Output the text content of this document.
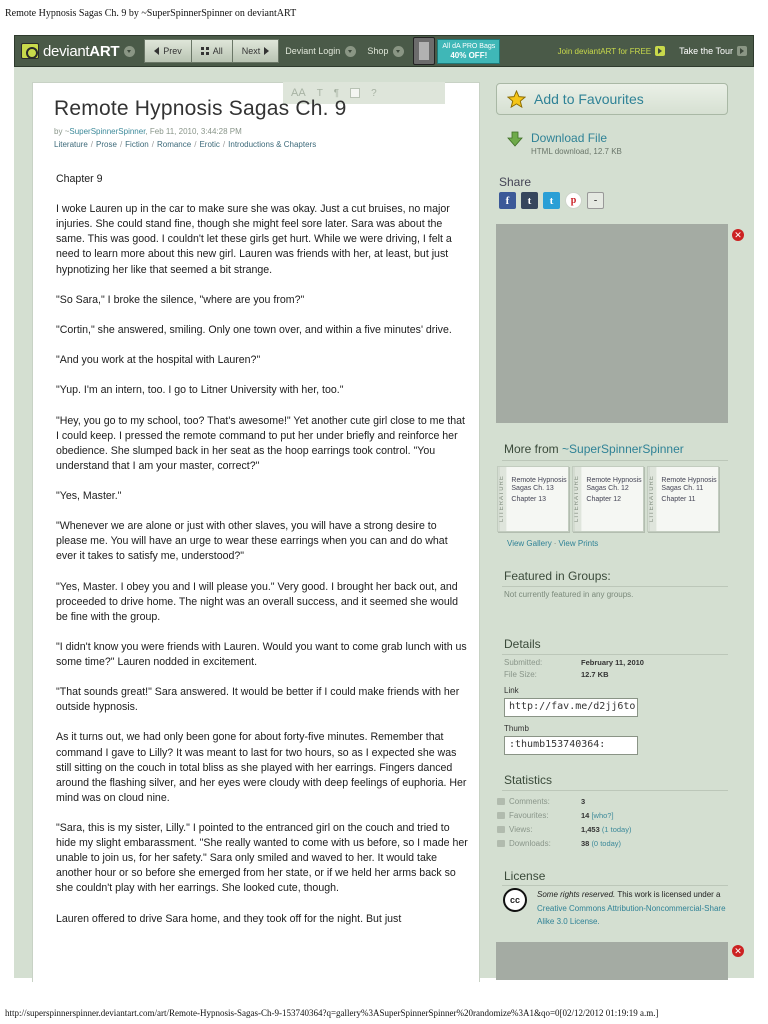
Remote Hypnosis Sagas Ch. 9 by ~SuperSpinnerSpinner on deviantART
deviantART	Prev	All Next	Deviant Login	Shop	All dA PRO Bags
40% OFF!	Join deviantART for FREE	Take the Tour
AA T ¶	?
Remote Hypnosis Sagas Ch. 9
by ~SuperSpinnerSpinner, Feb 11, 2010, 3:44:28 PM
Literature / Prose / Fiction / Romance / Erotic / Introductions & Chapters

Chapter 9

I woke Lauren up in the car to make sure she was okay. Just a cut bruises, no major injuries. She could stand fine, though she might feel sore later. Sara was about the same. This was good. I couldn't let these girls get hurt. While we were driving, I felt a need to learn more about this new girl. Lauren was friends with her, at least, but just hypnotizing her like that seemed a bit strange.

"So Sara," I broke the silence, "where are you from?"

"Cortin," she answered, smiling. Only one town over, and within a five minutes' drive.

"And you work at the hospital with Lauren?"

"Yup. I'm an intern, too. I go to Litner University with her, too."

"Hey, you go to my school, too? That's awesome!" Yet another cute girl close to me that I could keep. I pressed the remote command to put her under briefly and reinforce her obedience. She slumped back in her seat as the hoop earrings took control. "You understand that I am your master, correct?"

"Yes, Master."

"Whenever we are alone or just with other slaves, you will have a strong desire to please me. You will have an urge to wear these earrings when you can and do what ever it takes to satisfy me, understood?"

"Yes, Master. I obey you and I will please you." Very good. I brought her back out, and proceeded to drive home. The night was an overall success, and it seemed she would be fine with the group.

"I didn't know you were friends with Lauren. Would you want to come grab lunch with us some time?" Lauren nodded in excitement.

"That sounds great!" Sara answered. It would be better if I could make friends with her outside hypnosis.

As it turns out, we had only been gone for about forty-five minutes. Remember that command I gave to Lilly? It was meant to last for two hours, so as I expected she was still sitting on the couch in total bliss as she played with her earrings. Fingers danced around the flashing silver, and her eyes were cloudy with deep feelings of euphoria. Her mind was on cloud nine.

"Sara, this is my sister, Lilly." I pointed to the entranced girl on the couch and tried to hide my slight embarassment. "She really wanted to come with us before, so I made her unable to join us, for her safety." Sara only smiled and waved to her. It would take another hour or so before she emerged from her state, or if we held her arms back so she couldn't play with her earrings. She looked cute, though.

Lauren offered to drive Sara home, and they took off for the night. But just

Add to Favourites
Download File
HTML download, 12.7 KB
Share
f	t	t	p	-
✕
More from ~SuperSpinnerSpinner
LITERATURE Remote Hypnosis Sagas Ch. 13
Chapter 13	LITERATURE Remote Hypnosis Sagas Ch. 12
Chapter 12	LITERATURE Remote Hypnosis Sagas Ch. 11
Chapter 11
View Gallery · View Prints
Featured in Groups:
Not currently featured in any groups.
Details
Submitted:	February 11, 2010
File Size:	12.7 KB
Link
http://fav.me/d2jj6to
Thumb
:thumb153740364:
Statistics
Comments:	3
Favourites:	14 [who?]
Views:	1,453 (1 today)
Downloads:	38 (0 today)
License
cc
Some rights reserved. This work is licensed under a Creative Commons Attribution-Noncommercial-Share Alike 3.0 License.
✕
http://superspinnerspinner.deviantart.com/art/Remote-Hypnosis-Sagas-Ch-9-153740364?q=gallery%3ASuperSpinnerSpinner%20randomize%3A1&qo=0[02/12/2012 01:19:19 a.m.]
